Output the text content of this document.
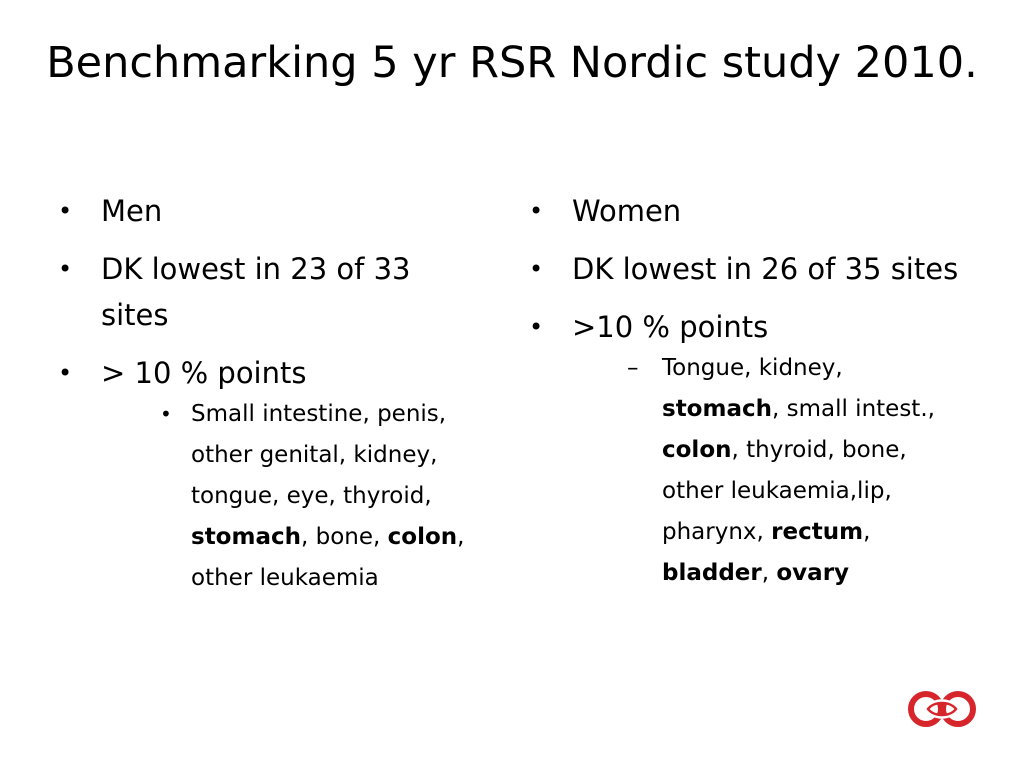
Benchmarking 5 yr RSR Nordic study 2010.
• Men
• DK lowest in 23 of 33 sites
• > 10 % points
• Small intestine, penis, other genital, kidney, tongue, eye, thyroid, stomach, bone, colon, other leukaemia
• Women
• DK lowest in 26 of 35 sites
• >10 % points
– Tongue, kidney, stomach, small intest., colon, thyroid, bone, other leukaemia,lip, pharynx, rectum, bladder, ovary
